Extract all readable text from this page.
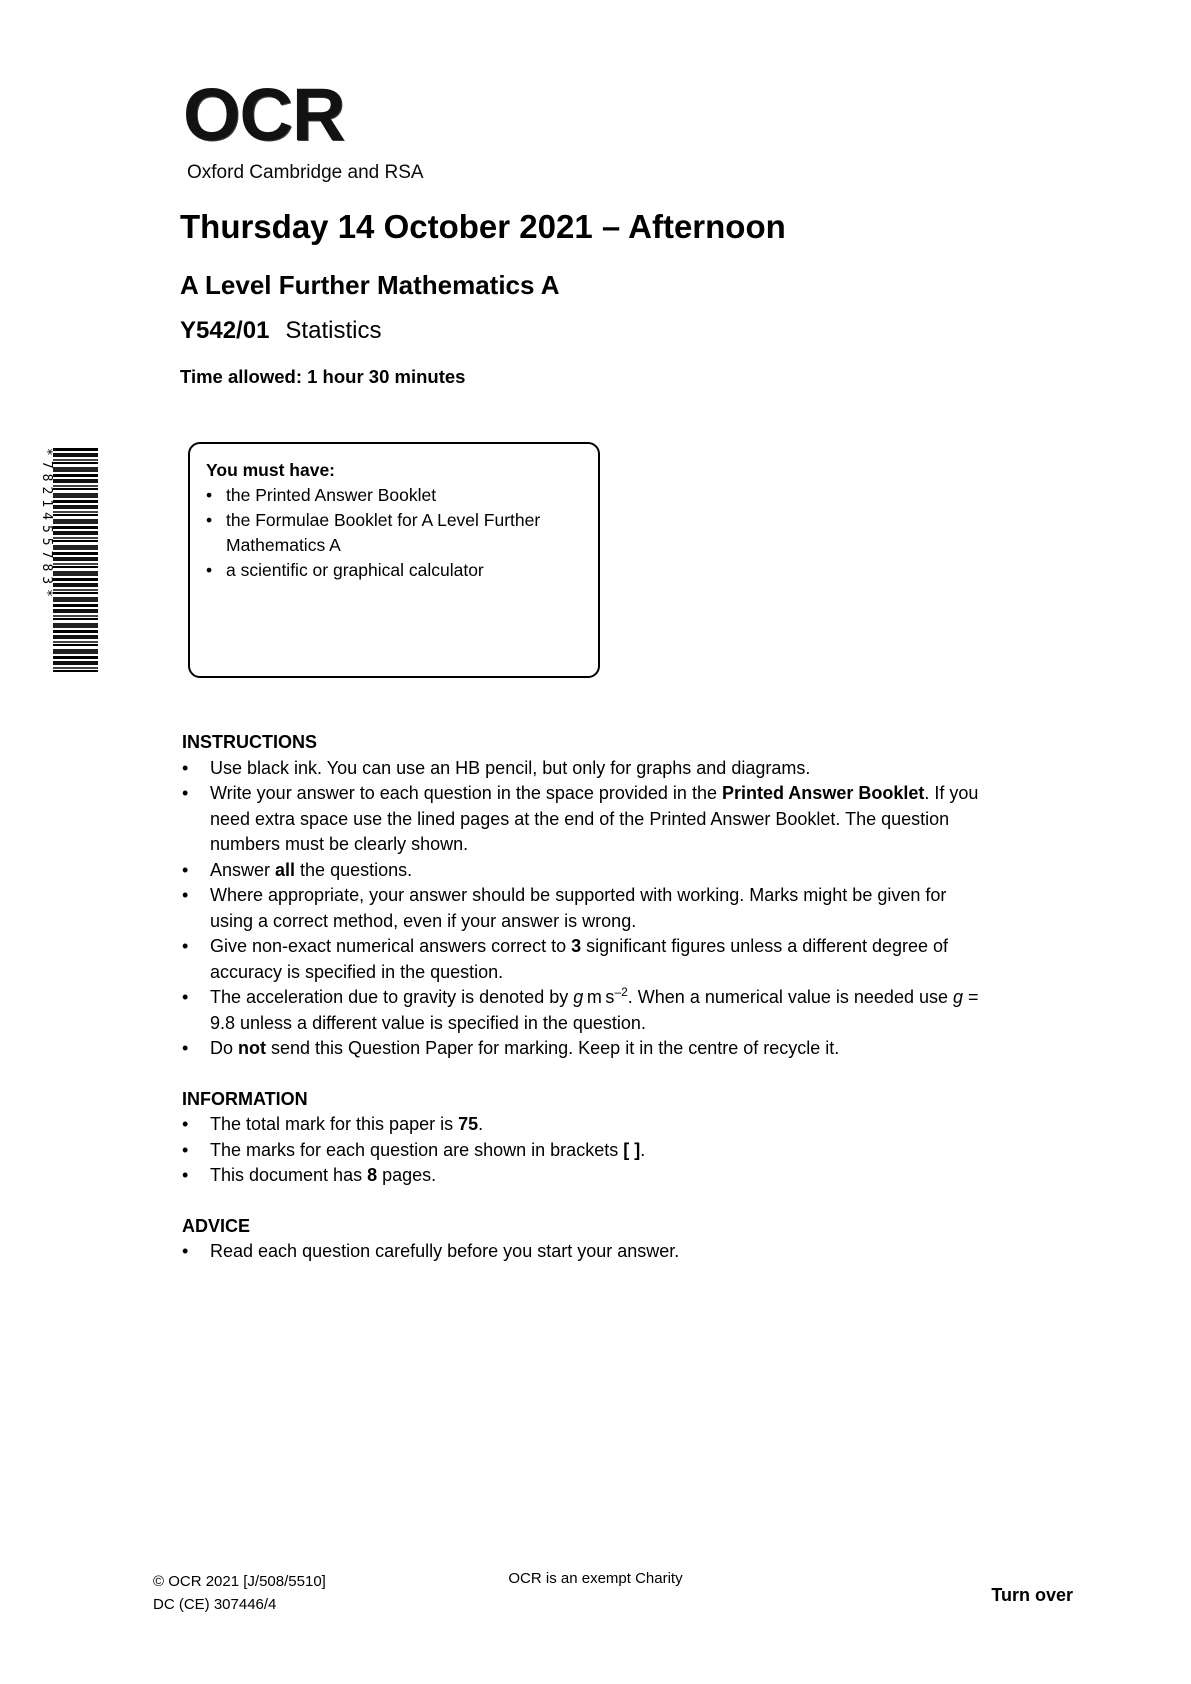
OCR
Oxford Cambridge and RSA
Thursday 14 October 2021 – Afternoon
A Level Further Mathematics A
Y542/01 Statistics
Time allowed: 1 hour 30 minutes
*7821455783*	You must have:
• the Printed Answer Booklet
• the Formulae Booklet for A Level Further Mathematics A
• a scientific or graphical calculator
INSTRUCTIONS
•	Use black ink. You can use an HB pencil, but only for graphs and diagrams.
•	Write your answer to each question in the space provided in the Printed Answer Booklet. If you need extra space use the lined pages at the end of the Printed Answer Booklet. The question numbers must be clearly shown.
•	Answer all the questions.
•	Where appropriate, your answer should be supported with working. Marks might be given for using a correct method, even if your answer is wrong.
•	Give non-exact numerical answers correct to 3 significant figures unless a different degree of accuracy is specified in the question.
•	The acceleration due to gravity is denoted by g m $s^{-2}$. When a numerical value is needed use g = 9.8 unless a different value is specified in the question.
•	Do not send this Question Paper for marking. Keep it in the centre of recycle it.
INFORMATION
•	The total mark for this paper is 75.
•	The marks for each question are shown in brackets [ ].
•	This document has 8 pages.
ADVICE
•	Read each question carefully before you start your answer.
© OCR 2021 [J/508/5510]
DC (CE) 307446/4
OCR is an exempt Charity
Turn over
